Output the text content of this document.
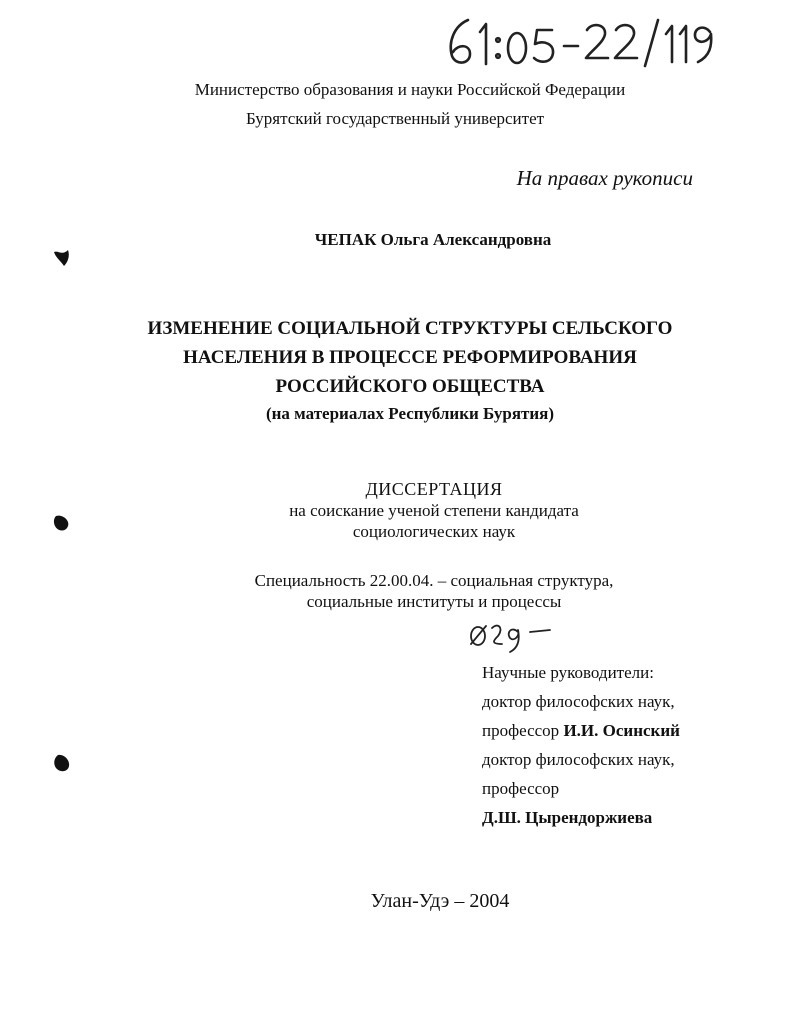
Министерство образования и науки Российской Федерации
Бурятский государственный университет
На правах рукописи
ЧЕПАК Ольга Александровна
ИЗМЕНЕНИЕ СОЦИАЛЬНОЙ СТРУКТУРЫ СЕЛЬСКОГО
НАСЕЛЕНИЯ В ПРОЦЕССЕ РЕФОРМИРОВАНИЯ
РОССИЙСКОГО ОБЩЕСТВА
(на материалах Республики Бурятия)
ДИССЕРТАЦИЯ
на соискание ученой степени кандидата
социологических наук
Специальность 22.00.04. – социальная структура,
социальные институты и процессы
Научные руководители:
доктор философских наук,
профессор И.И. Осинский
доктор философских наук,
профессор
Д.Ш. Цырендоржиева
Улан-Удэ – 2004
